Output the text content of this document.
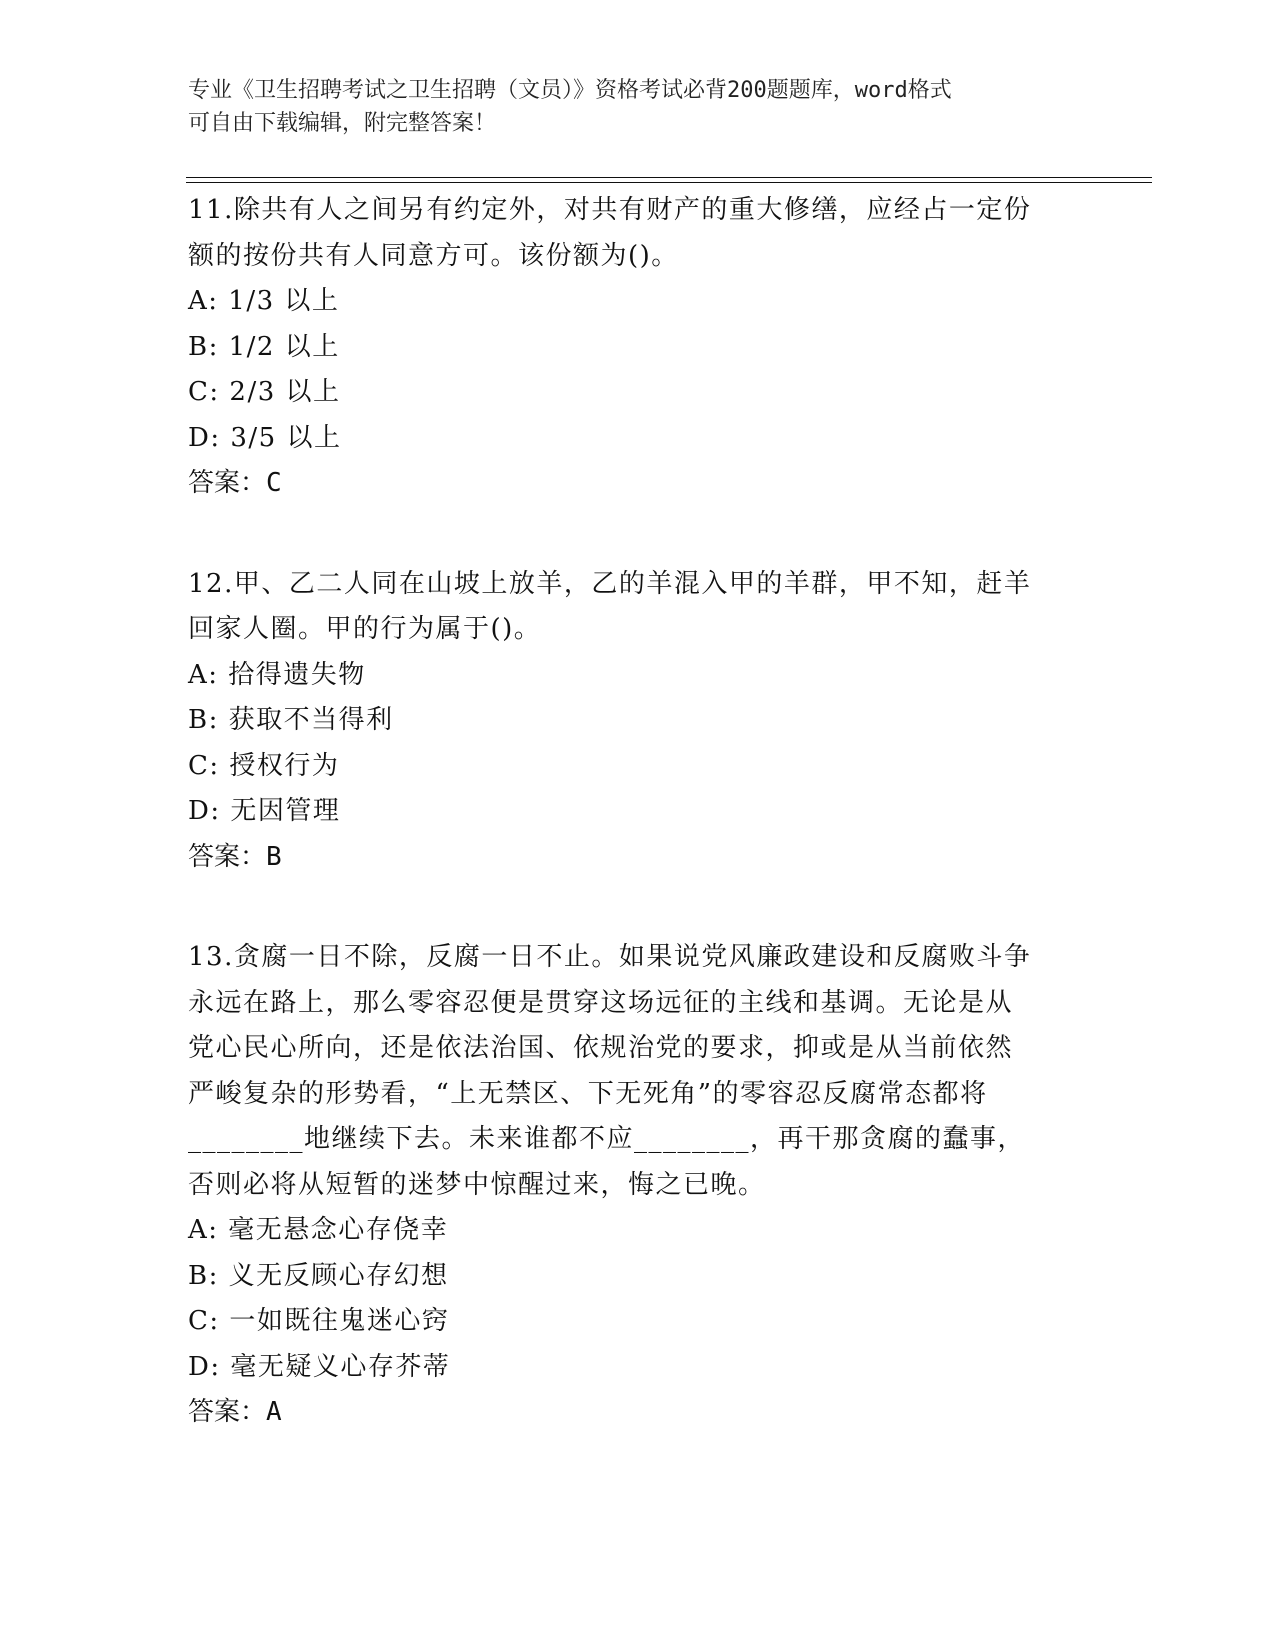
专业《卫生招聘考试之卫生招聘（文员）》资格考试必背200题题库，word格式
可自由下载编辑，附完整答案！
11.除共有人之间另有约定外，对共有财产的重大修缮，应经占一定份
额的按份共有人同意方可。该份额为()。
A: 1/3 以上
B: 1/2 以上
C: 2/3 以上
D: 3/5 以上
答案：C
12.甲、乙二人同在山坡上放羊，乙的羊混入甲的羊群，甲不知，赶羊
回家人圈。甲的行为属于()。
A: 拾得遗失物
B: 获取不当得利
C: 授权行为
D: 无因管理
答案：B
13.贪腐一日不除，反腐一日不止。如果说党风廉政建设和反腐败斗争
永远在路上，那么零容忍便是贯穿这场远征的主线和基调。无论是从
党心民心所向，还是依法治国、依规治党的要求，抑或是从当前依然
严峻复杂的形势看，“上无禁区、下无死角”的零容忍反腐常态都将
________地继续下去。未来谁都不应________，再干那贪腐的蠢事，
否则必将从短暂的迷梦中惊醒过来，悔之已晚。
A: 毫无悬念心存侥幸
B: 义无反顾心存幻想
C: 一如既往鬼迷心窍
D: 毫无疑义心存芥蒂
答案：A
